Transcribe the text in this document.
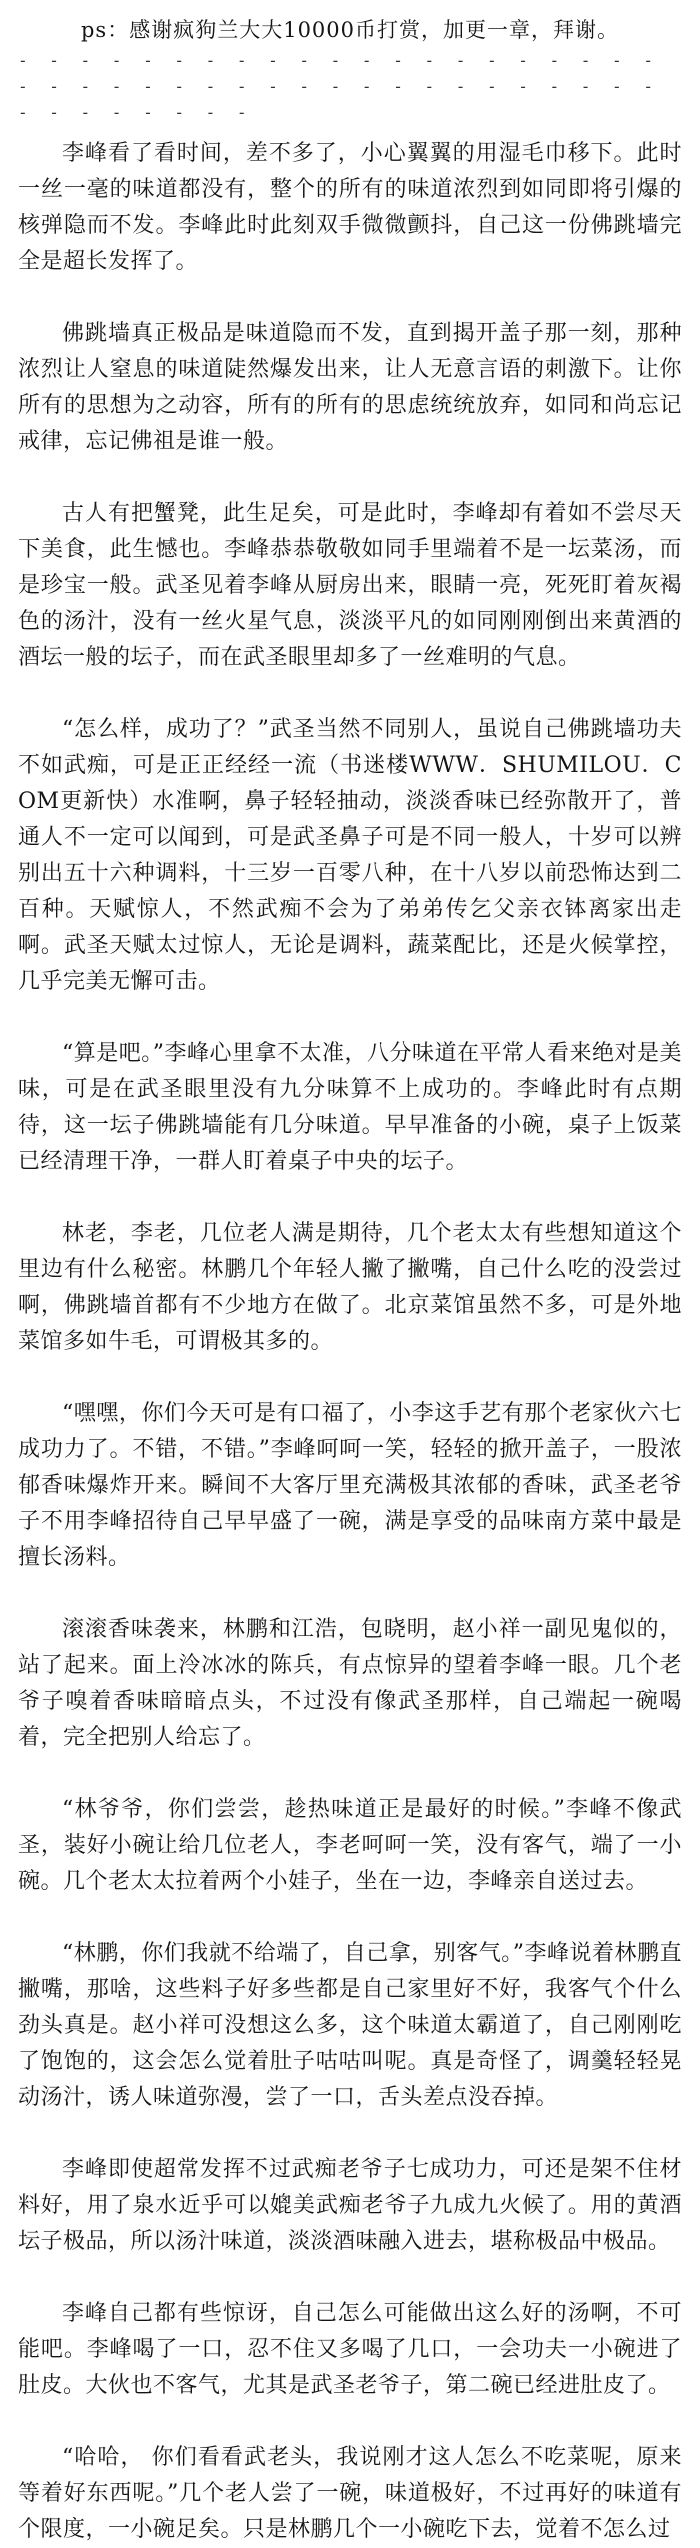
ps：感谢疯狗兰大大10000币打赏，加更一章，拜谢。

- - - - - - - - - - - - - - - - - - - - - - - - - - - - - - - - - - - - - - - - - - - - - - - - - -

李峰看了看时间，差不多了，小心翼翼的用湿毛巾移下。此时一丝一毫的味道都没有，整个的所有的味道浓烈到如同即将引爆的核弹隐而不发。李峰此时此刻双手微微颤抖，自己这一份佛跳墙完全是超长发挥了。

佛跳墙真正极品是味道隐而不发，直到揭开盖子那一刻，那种浓烈让人窒息的味道陡然爆发出来，让人无意言语的刺激下。让你所有的思想为之动容，所有的所有的思虑统统放弃，如同和尚忘记戒律，忘记佛祖是谁一般。

古人有把蟹凳，此生足矣，可是此时，李峰却有着如不尝尽天下美食，此生憾也。李峰恭恭敬敬如同手里端着不是一坛菜汤，而是珍宝一般。武圣见着李峰从厨房出来，眼睛一亮，死死盯着灰褐色的汤汁，没有一丝火星气息，淡淡平凡的如同刚刚倒出来黄酒的酒坛一般的坛子，而在武圣眼里却多了一丝难明的气息。

“怎么样，成功了？”武圣当然不同别人，虽说自己佛跳墙功夫不如武痴，可是正正经经一流（书迷楼WWW．SHUMILOU．COM更新快）水准啊，鼻子轻轻抽动，淡淡香味已经弥散开了，普通人不一定可以闻到，可是武圣鼻子可是不同一般人，十岁可以辨别出五十六种调料，十三岁一百零八种，在十八岁以前恐怖达到二百种。天赋惊人，不然武痴不会为了弟弟传乞父亲衣钵离家出走啊。武圣天赋太过惊人，无论是调料，蔬菜配比，还是火候掌控，几乎完美无懈可击。

“算是吧。”李峰心里拿不太准，八分味道在平常人看来绝对是美味，可是在武圣眼里没有九分味算不上成功的。李峰此时有点期待，这一坛子佛跳墙能有几分味道。早早准备的小碗，桌子上饭菜已经清理干净，一群人盯着桌子中央的坛子。

林老，李老，几位老人满是期待，几个老太太有些想知道这个里边有什么秘密。林鹏几个年轻人撇了撇嘴，自己什么吃的没尝过啊，佛跳墙首都有不少地方在做了。北京菜馆虽然不多，可是外地菜馆多如牛毛，可谓极其多的。

“嘿嘿，你们今天可是有口福了，小李这手艺有那个老家伙六七成功力了。不错，不错。”李峰呵呵一笑，轻轻的掀开盖子，一股浓郁香味爆炸开来。瞬间不大客厅里充满极其浓郁的香味，武圣老爷子不用李峰招待自己早早盛了一碗，满是享受的品味南方菜中最是擅长汤料。

滚滚香味袭来，林鹏和江浩，包晓明，赵小祥一副见鬼似的，站了起来。面上泠冰冰的陈兵，有点惊异的望着李峰一眼。几个老爷子嗅着香味暗暗点头，不过没有像武圣那样，自己端起一碗喝着，完全把别人给忘了。

“林爷爷，你们尝尝，趁热味道正是最好的时候。”李峰不像武圣，装好小碗让给几位老人，李老呵呵一笑，没有客气，端了一小碗。几个老太太拉着两个小娃子，坐在一边，李峰亲自送过去。

“林鹏，你们我就不给端了，自己拿，别客气。”李峰说着林鹏直撇嘴，那啥，这些料子好多些都是自己家里好不好，我客气个什么劲头真是。赵小祥可没想这么多，这个味道太霸道了，自己刚刚吃了饱饱的，这会怎么觉着肚子咕咕叫呢。真是奇怪了，调羹轻轻晃动汤汁，诱人味道弥漫，尝了一口，舌头差点没吞掉。

李峰即使超常发挥不过武痴老爷子七成功力，可还是架不住材料好，用了泉水近乎可以媲美武痴老爷子九成九火候了。用的黄酒坛子极品，所以汤汁味道，淡淡酒味融入进去，堪称极品中极品。

李峰自己都有些惊讶，自己怎么可能做出这么好的汤啊，不可能吧。李峰喝了一口，忍不住又多喝了几口，一会功夫一小碗进了肚皮。大伙也不客气，尤其是武圣老爷子，第二碗已经进肚皮了。

“哈哈， 你们看看武老头，我说刚才这人怎么不吃菜呢，原来等着好东西呢。”几个老人尝了一碗，味道极好，不过再好的味道有个限度，一小碗足矣。只是林鹏几个一小碗吃下去，觉着不怎么过
